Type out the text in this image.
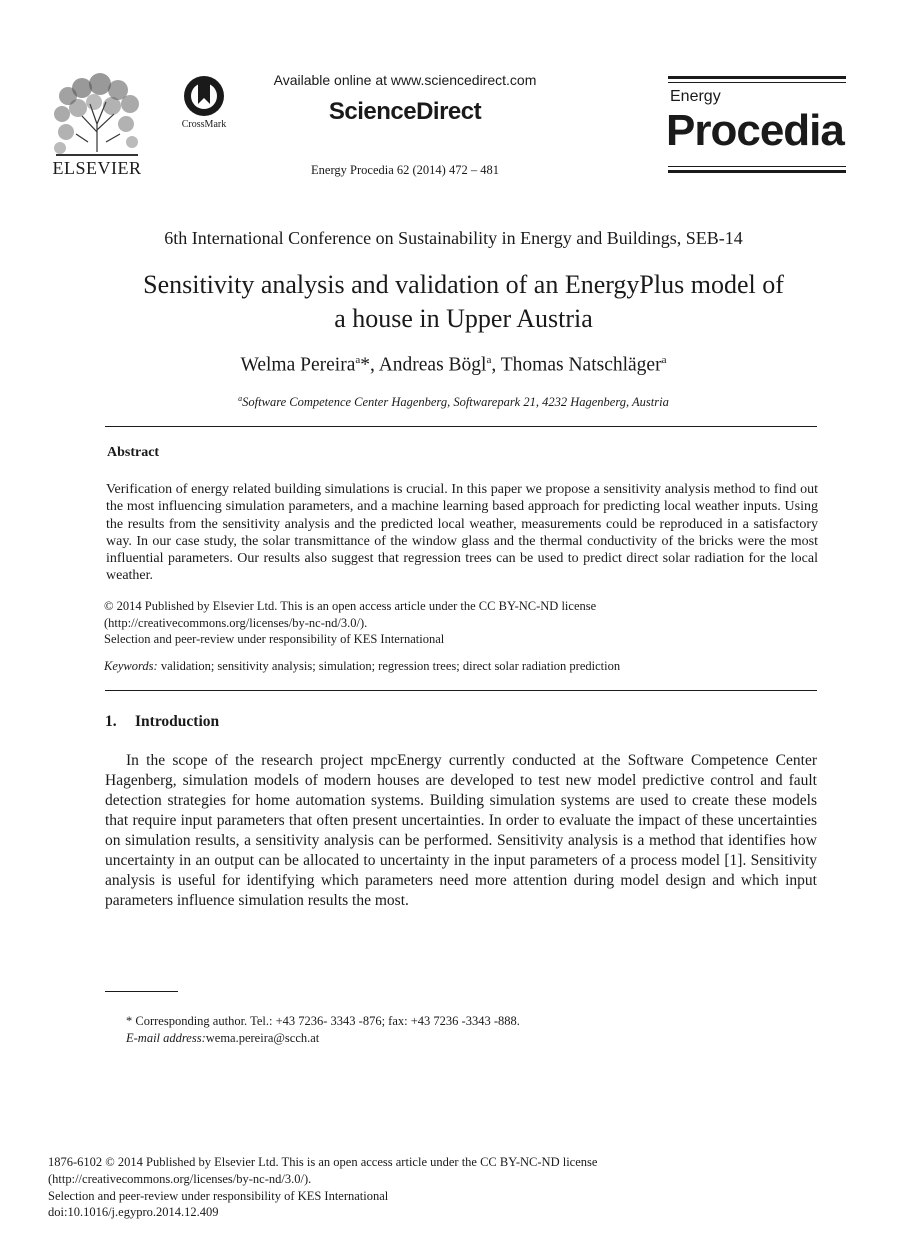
ELSEVIER
CrossMark
Available online at www.sciencedirect.com
ScienceDirect
Energy Procedia 62 (2014) 472 – 481
Energy
Procedia
6th International Conference on Sustainability in Energy and Buildings, SEB-14
Sensitivity analysis and validation of an EnergyPlus model of
a house in Upper Austria
Welma Pereira$^a$*, Andreas Bögl$^a$, Thomas Natschläger$^a$
$^a$Software Competence Center Hagenberg, Softwarepark 21, 4232 Hagenberg, Austria
Abstract
Verification of energy related building simulations is crucial. In this paper we propose a sensitivity analysis method to find out the most influencing simulation parameters, and a machine learning based approach for predicting local weather inputs. Using the results from the sensitivity analysis and the predicted local weather, measurements could be reproduced in a satisfactory way. In our case study, the solar transmittance of the window glass and the thermal conductivity of the bricks were the most influential parameters. Our results also suggest that regression trees can be used to predict direct solar radiation for the local weather.
© 2014 Published by Elsevier Ltd. This is an open access article under the CC BY-NC-ND license
(http://creativecommons.org/licenses/by-nc-nd/3.0/).
Selection and peer-review under responsibility of KES International
Keywords: validation; sensitivity analysis; simulation; regression trees; direct solar radiation prediction
1. Introduction
In the scope of the research project mpcEnergy currently conducted at the Software Competence Center Hagenberg, simulation models of modern houses are developed to test new model predictive control and fault detection strategies for home automation systems. Building simulation systems are used to create these models that require input parameters that often present uncertainties. In order to evaluate the impact of these uncertainties on simulation results, a sensitivity analysis can be performed. Sensitivity analysis is a method that identifies how uncertainty in an output can be allocated to uncertainty in the input parameters of a process model [1]. Sensitivity analysis is useful for identifying which parameters need more attention during model design and which input parameters influence simulation results the most.
* Corresponding author. Tel.: +43 7236- 3343 -876; fax: +43 7236 -3343 -888.
E-mail address:wema.pereira@scch.at
1876-6102 © 2014 Published by Elsevier Ltd. This is an open access article under the CC BY-NC-ND license
(http://creativecommons.org/licenses/by-nc-nd/3.0/).
Selection and peer-review under responsibility of KES International
doi:10.1016/j.egypro.2014.12.409
